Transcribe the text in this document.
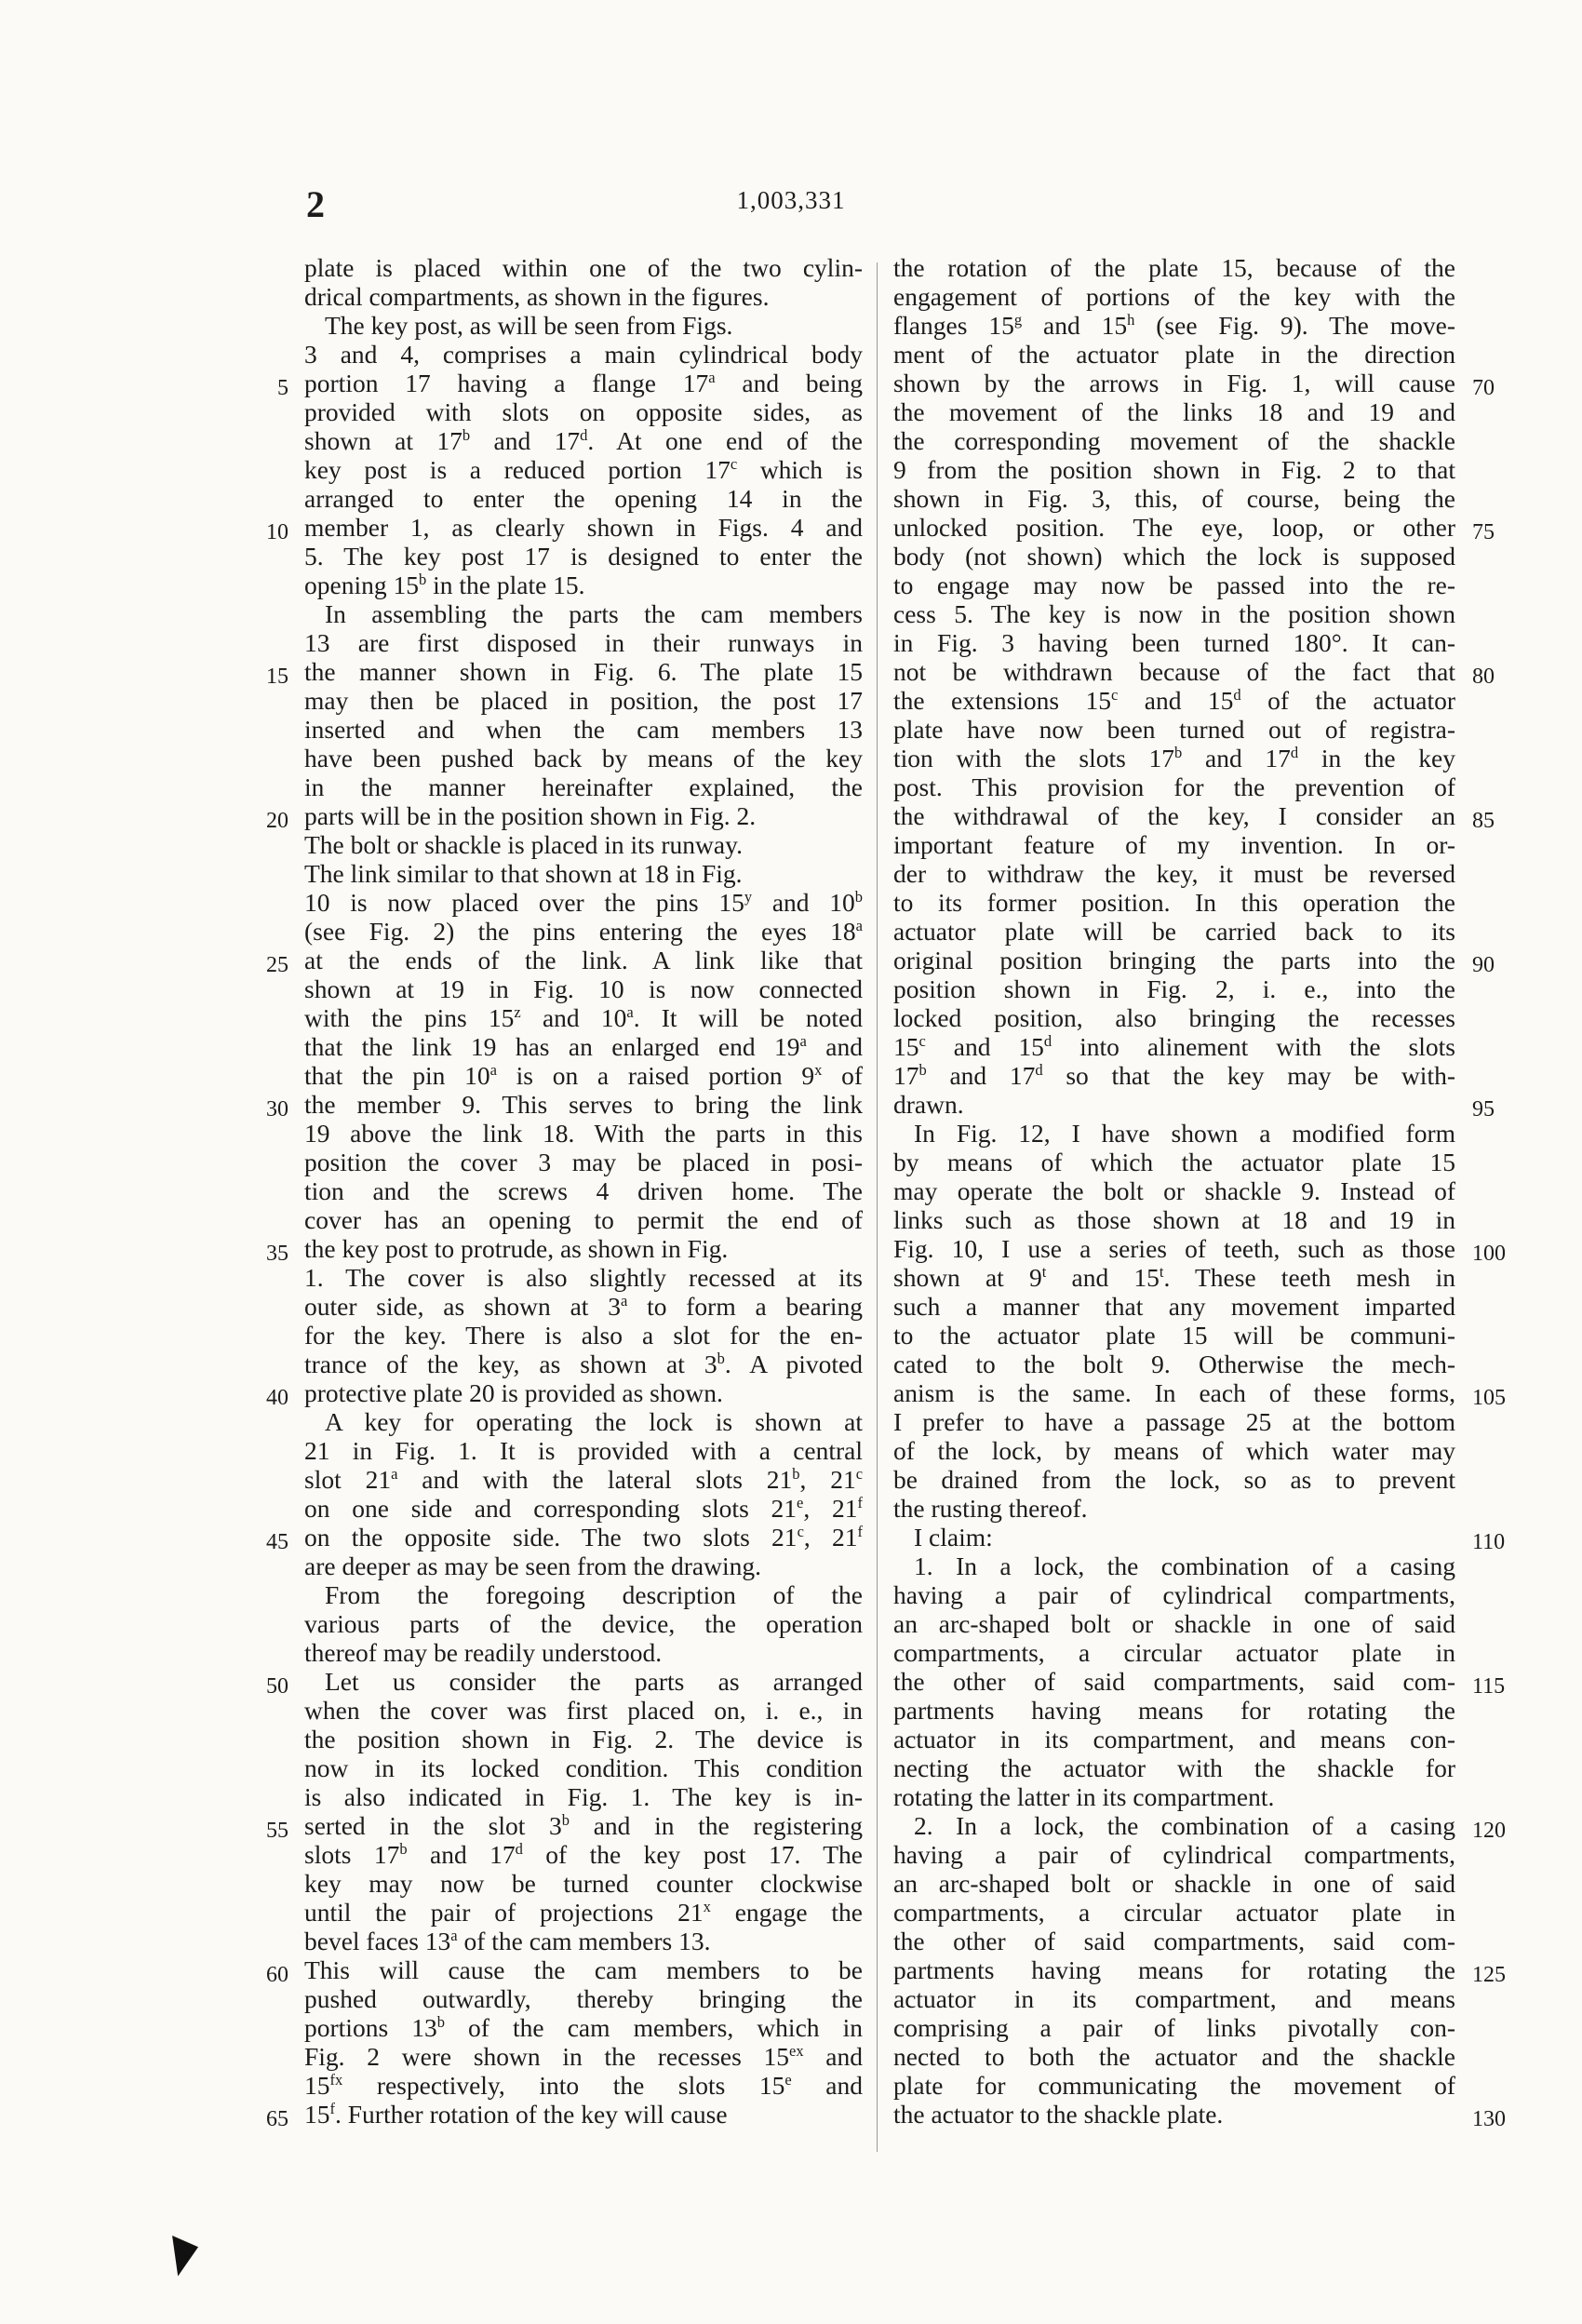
2	1,003,331
plate is placed within one of the two cylin-
drical compartments, as shown in the figures.
The key post, as will be seen from Figs.
3 and 4, comprises a main cylindrical body
portion 17 having a flange 17$^a$ and being
provided with slots on opposite sides, as
shown at 17$^b$ and 17$^d$. At one end of the
key post is a reduced portion 17$^c$ which is
arranged to enter the opening 14 in the
member 1, as clearly shown in Figs. 4 and
5. The key post 17 is designed to enter the
opening 15$^b$ in the plate 15.
In assembling the parts the cam members
13 are first disposed in their runways in
the manner shown in Fig. 6. The plate 15
may then be placed in position, the post 17
inserted and when the cam members 13
have been pushed back by means of the key
in the manner hereinafter explained, the
parts will be in the position shown in Fig. 2.
The bolt or shackle is placed in its runway.
The link similar to that shown at 18 in Fig.
10 is now placed over the pins 15$^y$ and 10$^b$
(see Fig. 2) the pins entering the eyes 18$^a$
at the ends of the link. A link like that
shown at 19 in Fig. 10 is now connected
with the pins 15$^z$ and 10$^a$. It will be noted
that the link 19 has an enlarged end 19$^a$ and
that the pin 10$^a$ is on a raised portion 9$^x$ of
the member 9. This serves to bring the link
19 above the link 18. With the parts in this
position the cover 3 may be placed in posi-
tion and the screws 4 driven home. The
cover has an opening to permit the end of
the key post to protrude, as shown in Fig.
1. The cover is also slightly recessed at its
outer side, as shown at 3$^a$ to form a bearing
for the key. There is also a slot for the en-
trance of the key, as shown at 3$^b$. A pivoted
protective plate 20 is provided as shown.
A key for operating the lock is shown at
21 in Fig. 1. It is provided with a central
slot 21$^a$ and with the lateral slots 21$^b$, 21$^c$
on one side and corresponding slots 21e, 21$^f$
on the opposite side. The two slots 21$^c$, 21$^f$
are deeper as may be seen from the drawing.
From the foregoing description of the
various parts of the device, the operation
thereof may be readily understood.
Let us consider the parts as arranged
when the cover was first placed on, i. e., in
the position shown in Fig. 2. The device is
now in its locked condition. This condition
is also indicated in Fig. 1. The key is in-
serted in the slot 3$^b$ and in the registering
slots 17$^b$ and 17$^d$ of the key post 17. The
key may now be turned counter clockwise
until the pair of projections 21$^x$ engage the
bevel faces 13$^a$ of the cam members 13.
This will cause the cam members to be
pushed outwardly, thereby bringing the
portions 13$^b$ of the cam members, which in
Fig. 2 were shown in the recesses $15^{ex}$ and
$15^{fx}$ respectively, into the slots 15e and
15$^f$. Further rotation of the key will cause
the rotation of the plate 15, because of the
engagement of portions of the key with the
flanges 15$^g$ and 15$^h$ (see Fig. 9). The move-
ment of the actuator plate in the direction
shown by the arrows in Fig. 1, will cause
the movement of the links 18 and 19 and
the corresponding movement of the shackle
9 from the position shown in Fig. 2 to that
shown in Fig. 3, this, of course, being the
unlocked position. The eye, loop, or other
body (not shown) which the lock is supposed
to engage may now be passed into the re-
cess 5. The key is now in the position shown
in Fig. 3 having been turned 180°. It can-
not be withdrawn because of the fact that
the extensions 15$^c$ and 15$^d$ of the actuator
plate have now been turned out of registra-
tion with the slots 17$^b$ and 17$^d$ in the key
post. This provision for the prevention of
the withdrawal of the key, I consider an
important feature of my invention. In or-
der to withdraw the key, it must be reversed
to its former position. In this operation the
actuator plate will be carried back to its
original position bringing the parts into the
position shown in Fig. 2, i. e., into the
locked position, also bringing the recesses
15$^c$ and 15$^d$ into alinement with the slots
17$^b$ and 17$^d$ so that the key may be with-
drawn.
In Fig. 12, I have shown a modified form
by means of which the actuator plate 15
may operate the bolt or shackle 9. Instead of
links such as those shown at 18 and 19 in
Fig. 10, I use a series of teeth, such as those
shown at 9$^t$ and 15$^t$. These teeth mesh in
such a manner that any movement imparted
to the actuator plate 15 will be communi-
cated to the bolt 9. Otherwise the mech-
anism is the same. In each of these forms,
I prefer to have a passage 25 at the bottom
of the lock, by means of which water may
be drained from the lock, so as to prevent
the rusting thereof.
I claim:
1. In a lock, the combination of a casing
having a pair of cylindrical compartments,
an arc-shaped bolt or shackle in one of said
compartments, a circular actuator plate in
the other of said compartments, said com-
partments having means for rotating the
actuator in its compartment, and means con-
necting the actuator with the shackle for
rotating the latter in its compartment.
2. In a lock, the combination of a casing
having a pair of cylindrical compartments,
an arc-shaped bolt or shackle in one of said
compartments, a circular actuator plate in
the other of said compartments, said com-
partments having means for rotating the
actuator in its compartment, and means
comprising a pair of links pivotally con-
nected to both the actuator and the shackle
plate for communicating the movement of
the actuator to the shackle plate.
5
10
15
20
25
30
35
40
45
50
55
60
65
70
75
80
85
90
95
100
105
110
115
120
125
130
